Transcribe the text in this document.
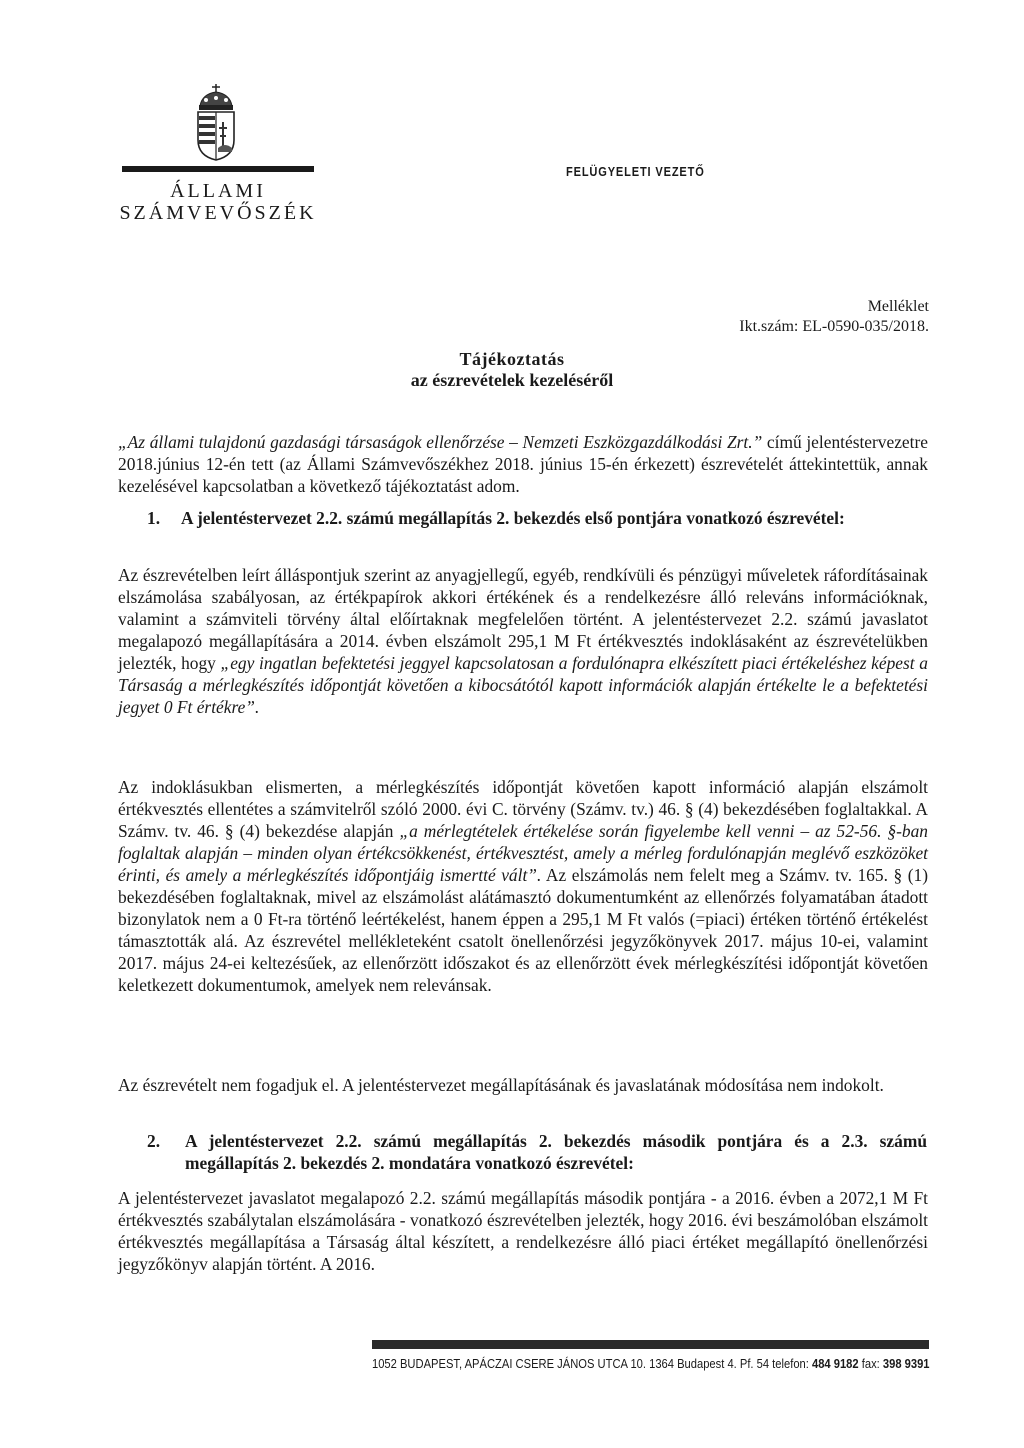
ÁLLAMI
SZÁMVEVŐSZÉK
FELÜGYELETI VEZETŐ
Melléklet
Ikt.szám: EL-0590-035/2018.
Tájékoztatás
az észrevételek kezeléséről
„Az állami tulajdonú gazdasági társaságok ellenőrzése – Nemzeti Eszközgazdálkodási Zrt.” című jelentéstervezetre 2018.június 12-én tett (az Állami Számvevőszékhez 2018. június 15-én érkezett) észrevételét áttekintettük, annak kezelésével kapcsolatban a következő tájékoztatást adom.
1. A jelentéstervezet 2.2. számú megállapítás 2. bekezdés első pontjára vonatkozó észrevétel:
Az észrevételben leírt álláspontjuk szerint az anyagjellegű, egyéb, rendkívüli és pénzügyi műveletek ráfordításainak elszámolása szabályosan, az értékpapírok akkori értékének és a rendelkezésre álló releváns információknak, valamint a számviteli törvény által előírtaknak megfelelően történt. A jelentéstervezet 2.2. számú javaslatot megalapozó megállapítására a 2014. évben elszámolt 295,1 M Ft értékvesztés indoklásaként az észrevételükben jelezték, hogy „egy ingatlan befektetési jeggyel kapcsolatosan a fordulónapra elkészített piaci értékeléshez képest a Társaság a mérlegkészítés időpontját követően a kibocsátótól kapott információk alapján értékelte le a befektetési jegyet 0 Ft értékre”.
Az indoklásukban elismerten, a mérlegkészítés időpontját követően kapott információ alapján elszámolt értékvesztés ellentétes a számvitelről szóló 2000. évi C. törvény (Számv. tv.) 46. § (4) bekezdésében foglaltakkal. A Számv. tv. 46. § (4) bekezdése alapján „a mérlegtételek értékelése során figyelembe kell venni – az 52-56. §-ban foglaltak alapján – minden olyan értékcsökkenést, értékvesztést, amely a mérleg fordulónapján meglévő eszközöket érinti, és amely a mérlegkészítés időpontjáig ismertté vált”. Az elszámolás nem felelt meg a Számv. tv. 165. § (1) bekezdésében foglaltaknak, mivel az elszámolást alátámasztó dokumentumként az ellenőrzés folyamatában átadott bizonylatok nem a 0 Ft-ra történő leértékelést, hanem éppen a 295,1 M Ft valós (=piaci) értéken történő értékelést támasztották alá. Az észrevétel mellékleteként csatolt önellenőrzési jegyzőkönyvek 2017. május 10-ei, valamint 2017. május 24-ei keltezésűek, az ellenőrzött időszakot és az ellenőrzött évek mérlegkészítési időpontját követően keletkezett dokumentumok, amelyek nem relevánsak.
Az észrevételt nem fogadjuk el. A jelentéstervezet megállapításának és javaslatának módosítása nem indokolt.
2. A jelentéstervezet 2.2. számú megállapítás 2. bekezdés második pontjára és a 2.3. számú megállapítás 2. bekezdés 2. mondatára vonatkozó észrevétel:
A jelentéstervezet javaslatot megalapozó 2.2. számú megállapítás második pontjára - a 2016. évben a 2072,1 M Ft értékvesztés szabálytalan elszámolására - vonatkozó észrevételben jelezték, hogy 2016. évi beszámolóban elszámolt értékvesztés megállapítása a Társaság által készített, a rendelkezésre álló piaci értéket megállapító önellenőrzési jegyzőkönyv alapján történt. A 2016.
1052 BUDAPEST, APÁCZAI CSERE JÁNOS UTCA 10. 1364 Budapest 4. Pf. 54 telefon: 484 9182 fax: 398 9391
